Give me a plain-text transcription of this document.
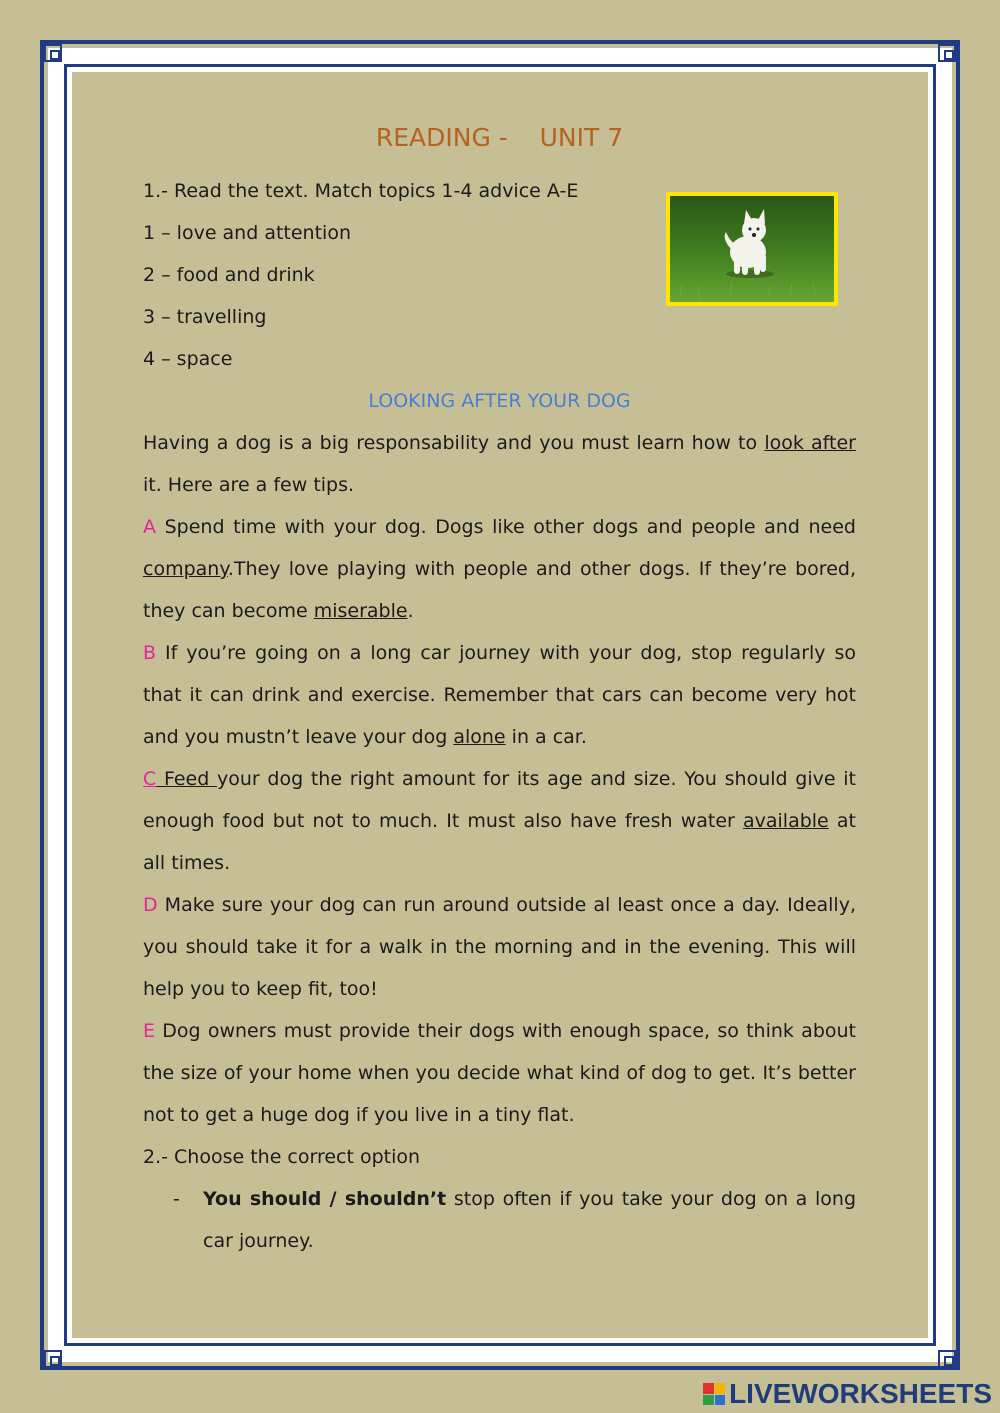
READING -    UNIT 7
1.- Read the text. Match topics 1-4 advice A-E
1 – love and attention
2 – food and drink
3 – travelling
4 – space
LOOKING AFTER YOUR DOG

Having a dog is a big responsability and you must learn how to look after it. Here are a few tips.

A Spend time with your dog. Dogs like other dogs and people and need company.They love playing with people and other dogs. If they’re bored, they can become miserable.

B If you’re going on a long car journey with your dog, stop regularly so that it can drink and exercise. Remember that cars can become very hot and you mustn’t leave your dog alone in a car.

C Feed your dog the right amount for its age and size. You should give it enough food but not to much. It must also have fresh water available at all times.

D Make sure your dog can run around outside al least once a day. Ideally, you should take it for a walk in the morning and in the evening. This will help you to keep fit, too!

E Dog owners must provide their dogs with enough space, so think about the size of your home when you decide what kind of dog to get. It’s better not to get a huge dog if you live in a tiny flat.

2.- Choose the correct option
-	You should / shouldn’t stop often if you take your dog on a long car journey.
LIVEWORKSHEETS
